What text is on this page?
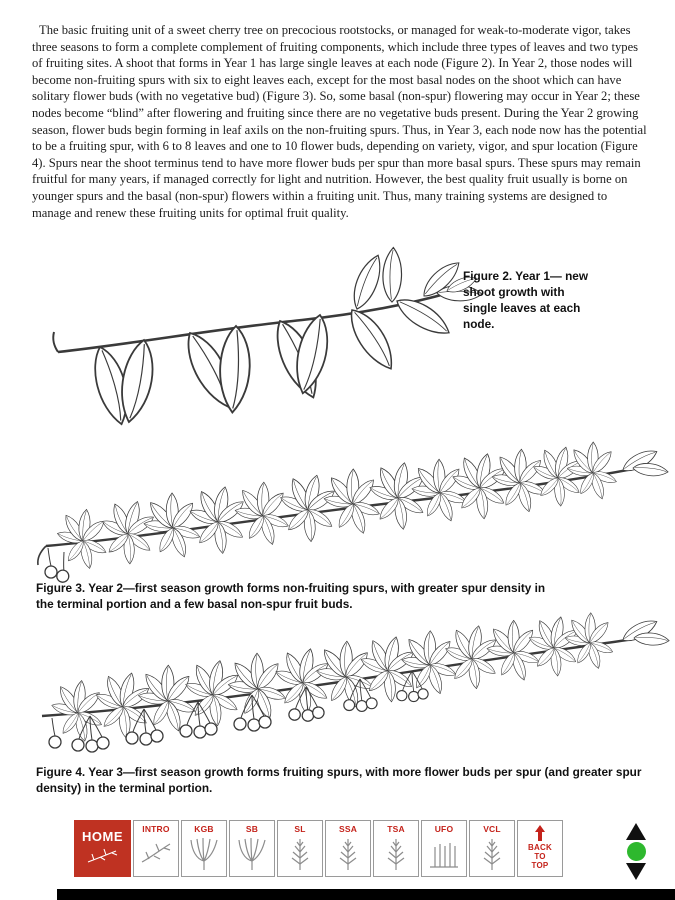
The basic fruiting unit of a sweet cherry tree on precocious rootstocks, or managed for weak-to-moderate vigor, takes three seasons to form a complete complement of fruiting components, which include three types of leaves and two types of fruiting sites. A shoot that forms in Year 1 has large single leaves at each node (Figure 2). In Year 2, those nodes will become non-fruiting spurs with six to eight leaves each, except for the most basal nodes on the shoot which can have solitary flower buds (with no vegetative bud) (Figure 3). So, some basal (non-spur) flowering may occur in Year 2; these nodes become “blind” after flowering and fruiting since there are no vegetative buds present. During the Year 2 growing season, flower buds begin forming in leaf axils on the non-fruiting spurs. Thus, in Year 3, each node now has the potential to be a fruiting spur, with 6 to 8 leaves and one to 10 flower buds, depending on variety, vigor, and spur location (Figure 4). Spurs near the shoot terminus tend to have more flower buds per spur than more basal spurs. These spurs may remain fruitful for many years, if managed correctly for light and nutrition. However, the best quality fruit usually is borne on younger spurs and the basal (non-spur) flowers within a fruiting unit. Thus, many training systems are designed to manage and renew these fruiting units for optimal fruit quality.

Figure 2. Year 1— new shoot growth with single leaves at each node.
Figure 3. Year 2—first season growth forms non-fruiting spurs, with greater spur density in the terminal portion and a few basal non-spur fruit buds.
Figure 4. Year 3—first season growth forms fruiting spurs, with more flower buds per spur (and greater spur density) in the terminal portion.
HOME INTRO	KGB	SB	SL	SSA	TSA	UFO	VCL
BACK TO TOP
